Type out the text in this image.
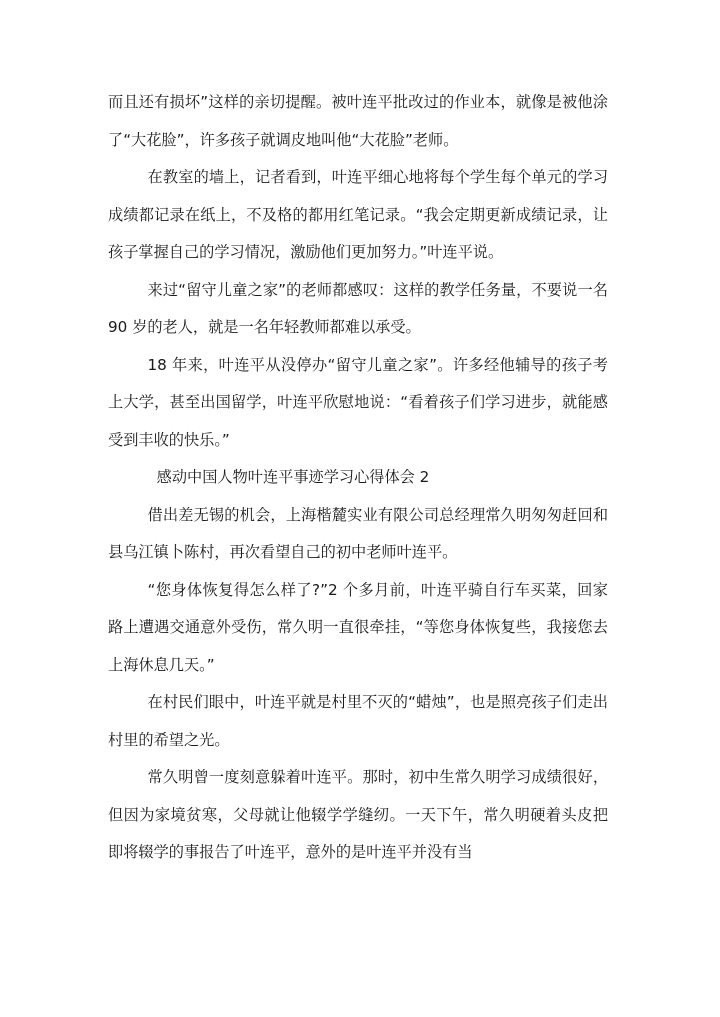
而且还有损坏”这样的亲切提醒。被叶连平批改过的作业本，就像是被他涂了“大花脸”，许多孩子就调皮地叫他“大花脸”老师。

在教室的墙上，记者看到，叶连平细心地将每个学生每个单元的学习成绩都记录在纸上，不及格的都用红笔记录。“我会定期更新成绩记录，让孩子掌握自己的学习情况，激励他们更加努力。”叶连平说。

来过“留守儿童之家”的老师都感叹：这样的教学任务量，不要说一名 90 岁的老人，就是一名年轻教师都难以承受。

18 年来，叶连平从没停办“留守儿童之家”。许多经他辅导的孩子考上大学，甚至出国留学，叶连平欣慰地说：“看着孩子们学习进步，就能感受到丰收的快乐。”

感动中国人物叶连平事迹学习心得体会 2

借出差无锡的机会，上海楷麓实业有限公司总经理常久明匆匆赶回和县乌江镇卜陈村，再次看望自己的初中老师叶连平。

“您身体恢复得怎么样了?”2 个多月前，叶连平骑自行车买菜，回家路上遭遇交通意外受伤，常久明一直很牵挂，“等您身体恢复些，我接您去上海休息几天。”

在村民们眼中，叶连平就是村里不灭的“蜡烛”，也是照亮孩子们走出村里的希望之光。

常久明曾一度刻意躲着叶连平。那时，初中生常久明学习成绩很好，但因为家境贫寒，父母就让他辍学学缝纫。一天下午，常久明硬着头皮把即将辍学的事报告了叶连平，意外的是叶连平并没有当
